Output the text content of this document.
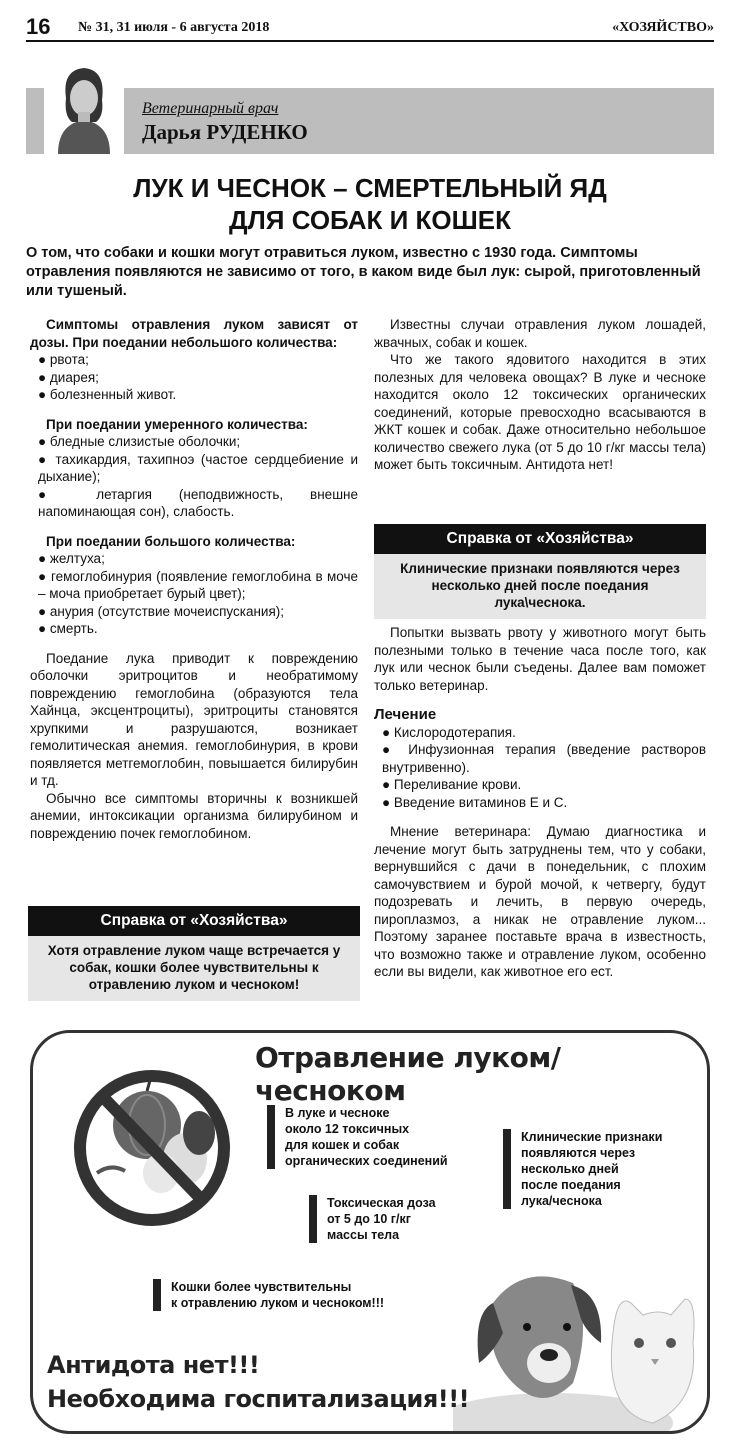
16 № 31, 31 июля - 6 августа 2018	«ХОЗЯЙСТВО»
Ветеринарный врач
Дарья РУДЕНКО
ЛУК И ЧЕСНОК – СМЕРТЕЛЬНЫЙ ЯД
ДЛЯ СОБАК И КОШЕК
О том, что собаки и кошки могут отравиться луком, известно с 1930 года. Симптомы отравления появляются не зависимо от того, в каком виде был лук: сырой, приготовленный или тушеный.

Симптомы отравления луком зависят от дозы. При поедании небольшого количества:

● рвота;

● диарея;

● болезненный живот.

При поедании умеренного количества:

● бледные слизистые оболочки;

● тахикардия, тахипноэ (частое сердцебиение и дыхание);

● летаргия (неподвижность, внешне напоминающая сон), слабость.

При поедании большого количества:

● желтуха;

● гемоглобинурия (появление гемоглобина в моче – моча приобретает бурый цвет);

● анурия (отсутствие мочеиспускания);

● смерть.

Поедание лука приводит к повреждению оболочки эритроцитов и необратимому повреждению гемоглобина (образуются тела Хайнца, эксцентроциты), эритроциты становятся хрупкими и разрушаются, возникает гемолитическая анемия. гемоглобинурия, в крови появляется метгемоглобин, повышается билирубин и тд.

Обычно все симптомы вторичны к возникшей анемии, интоксикации организма билирубином и повреждению почек гемоглобином.

Справка от «Хозяйства»
Хотя отравление луком чаще встречается у собак, кошки более чувствительны к отравлению луком и чесноком!

Известны случаи отравления луком лошадей, жвачных, собак и кошек.

Что же такого ядовитого находится в этих полезных для человека овощах? В луке и чесноке находится около 12 токсических органических соединений, которые превосходно всасываются в ЖКТ кошек и собак. Даже относительно небольшое количество свежего лука (от 5 до 10 г/кг массы тела) может быть токсичным. Антидота нет!

Справка от «Хозяйства»
Клинические признаки появляются через несколько дней после поедания лука\чеснока.

Попытки вызвать рвоту у животного могут быть полезными только в течение часа после того, как лук или чеснок были съедены. Далее вам поможет только ветеринар.

Лечение

● Кислородотерапия.

● Инфузионная терапия (введение растворов внутривенно).

● Переливание крови.

● Введение витаминов Е и С.

Мнение ветеринара: Думаю диагностика и лечение могут быть затруднены тем, что у собаки, вернувшийся с дачи в понедельник, с плохим самочувствием и бурой мочой, к четвергу, будут подозревать и лечить, в первую очередь, пироплазмоз, а никак не отравление луком... Поэтому заранее поставьте врача в известность, что возможно также и отравление луком, особенно если вы видели, как животное его ест.

Отравление луком/чесноком
В луке и чесноке
около 12 токсичных
для кошек и собак
органических соединений
Клинические признаки
появляются через
несколько дней
после поедания
лука/чеснока
Токсическая доза
от 5 до 10 г/кг
массы тела
Кошки более чувствительны
к отравлению луком и чесноком!!!
Антидота нет!!!
Необходима госпитализация!!!
